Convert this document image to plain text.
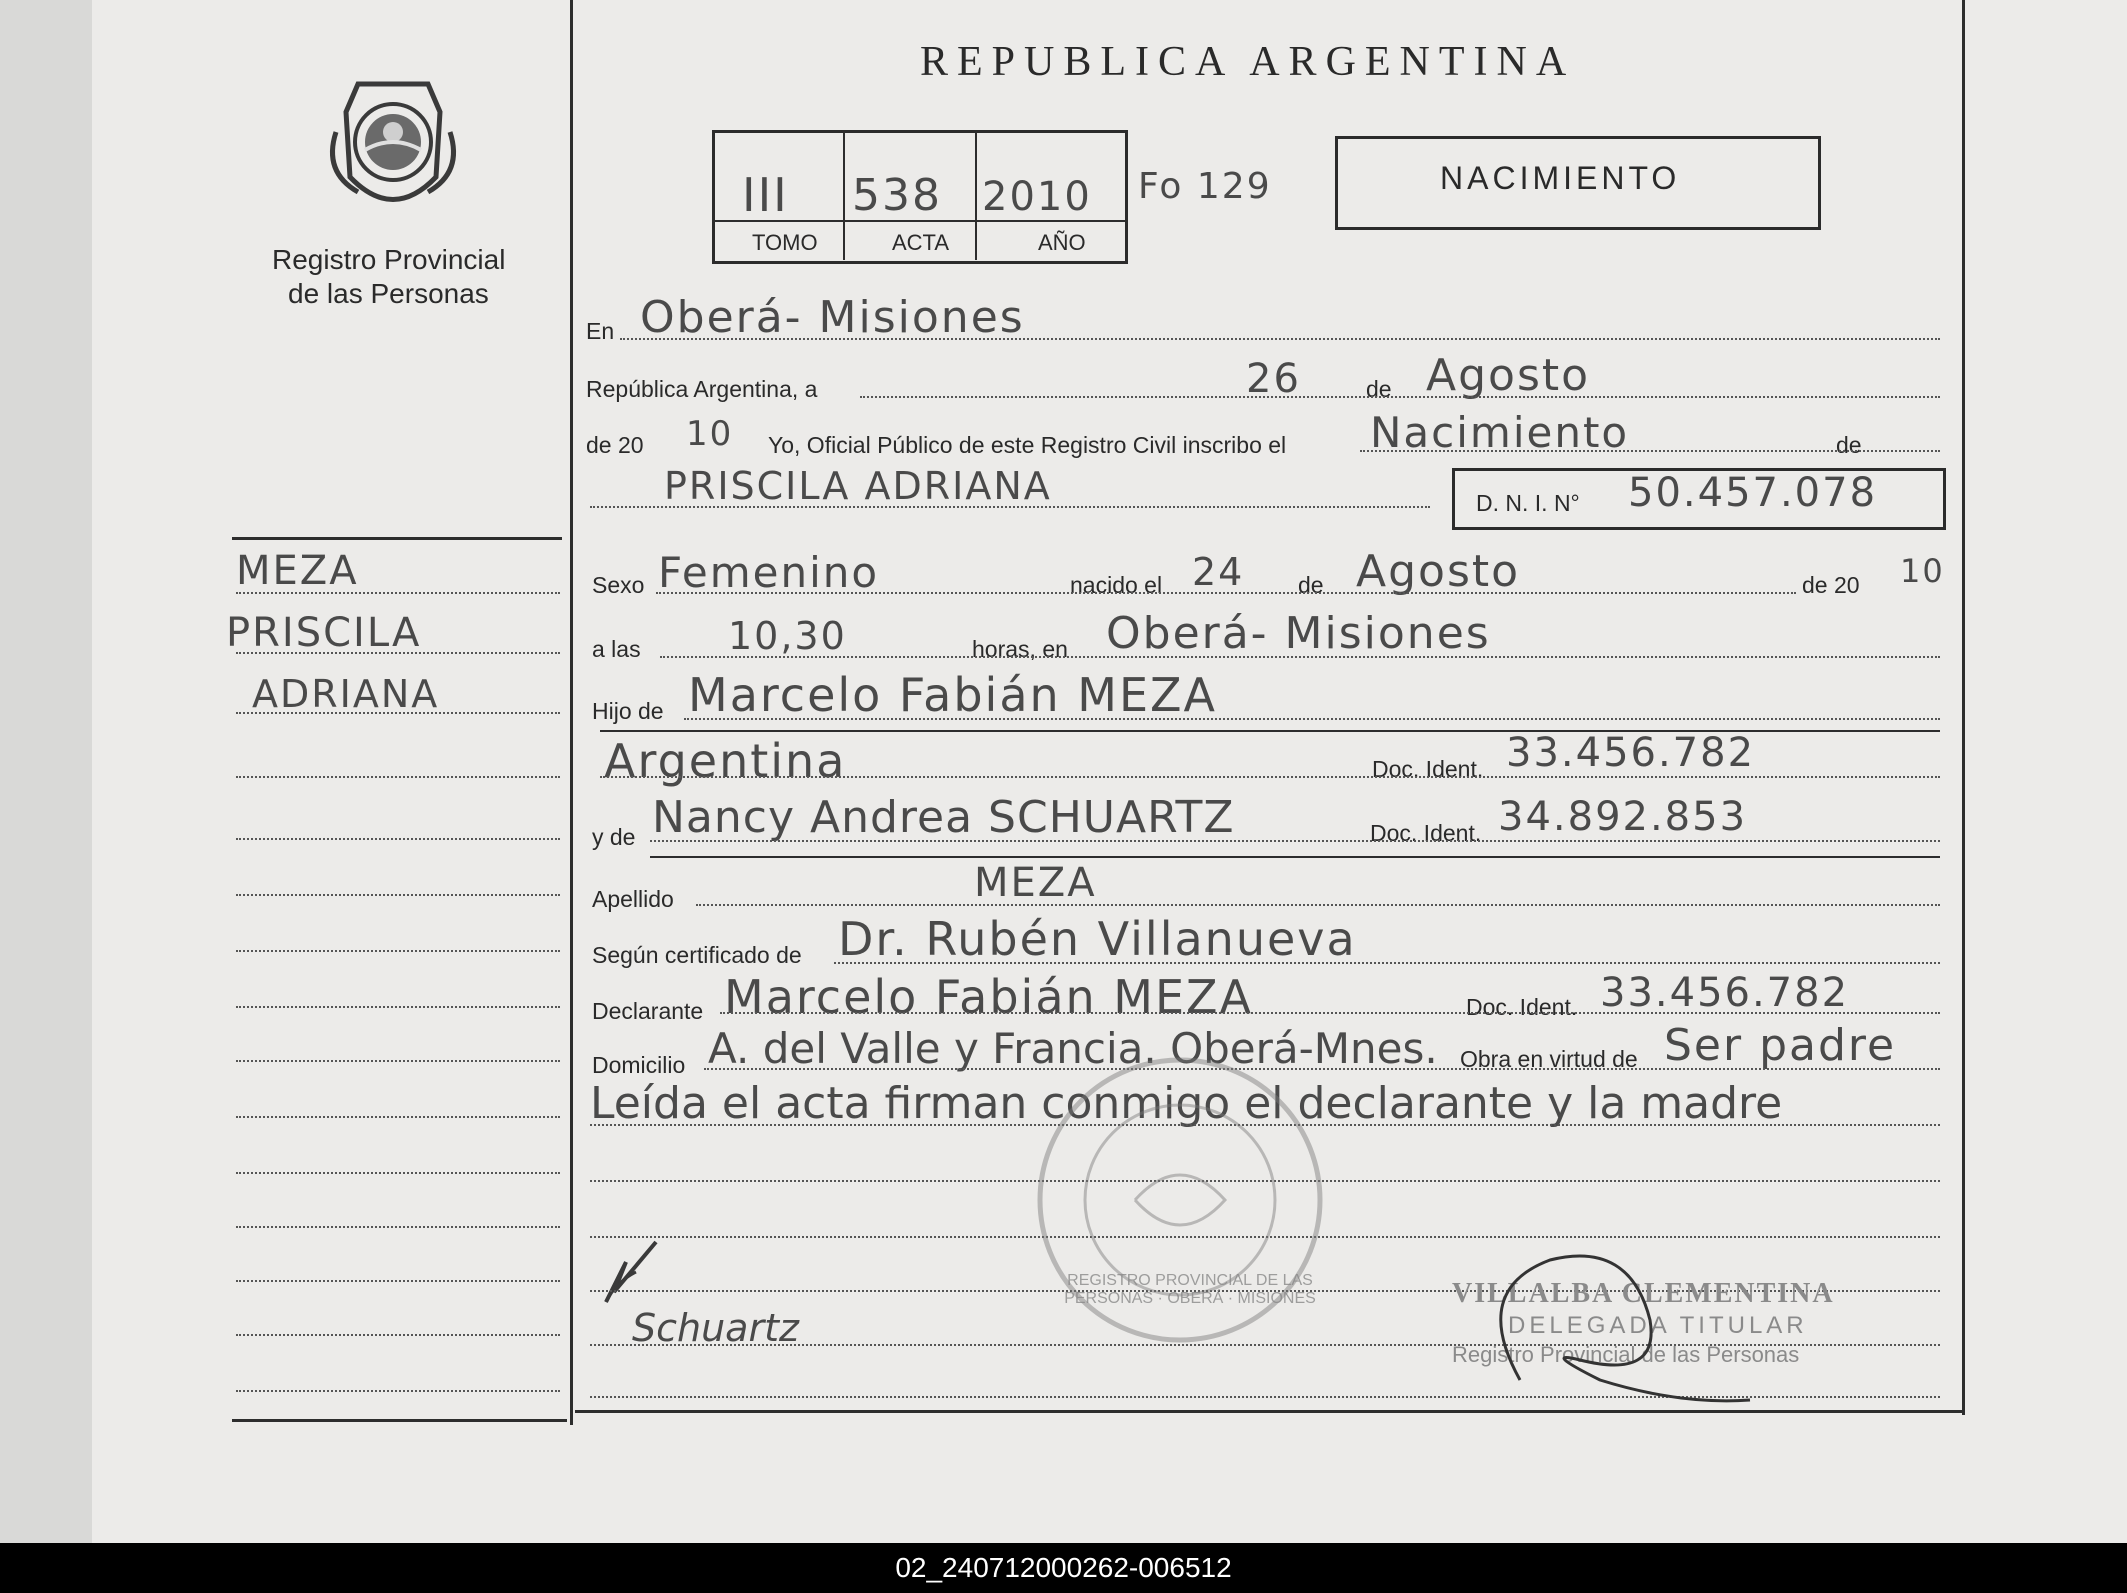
Registro Provincial
de las Personas
REPUBLICA ARGENTINA
III 538 2010
TOMO	ACTA	AÑO
Fo 129	NACIMIENTO
En Oberá- Misiones
República Argentina, a	26	de Agosto
de 20 10 Yo, Oficial Público de este Registro Civil inscribo el Nacimiento	de
PRISCILA ADRIANA	D. N. I. N° 50.457.078
MEZA
PRISCILA
ADRIANA
Schuartz
Sexo Femenino	nacido el 24 de Agosto	de 20 10
a las 10,30	horas, en Oberá- Misiones
Hijo de Marcelo Fabián MEZA
Argentina	Doc. Ident. 33.456.782
y de Nancy Andrea SCHUARTZ	Doc. Ident. 34.892.853
Apellido	MEZA
Según certificado de Dr. Rubén Villanueva
Declarante Marcelo Fabián MEZA	Doc. Ident. 33.456.782
Domicilio A. del Valle y Francia. Oberá-Mnes. Obra en virtud de Ser padre
Leída el acta firman conmigo el declarante y la madre
REGISTRO PROVINCIAL DE LAS PERSONAS · OBERÁ · MISIONES	VILLALBA CLEMENTINA
DELEGADA TITULAR
Registro Provincial de las Personas
02_240712000262-006512
